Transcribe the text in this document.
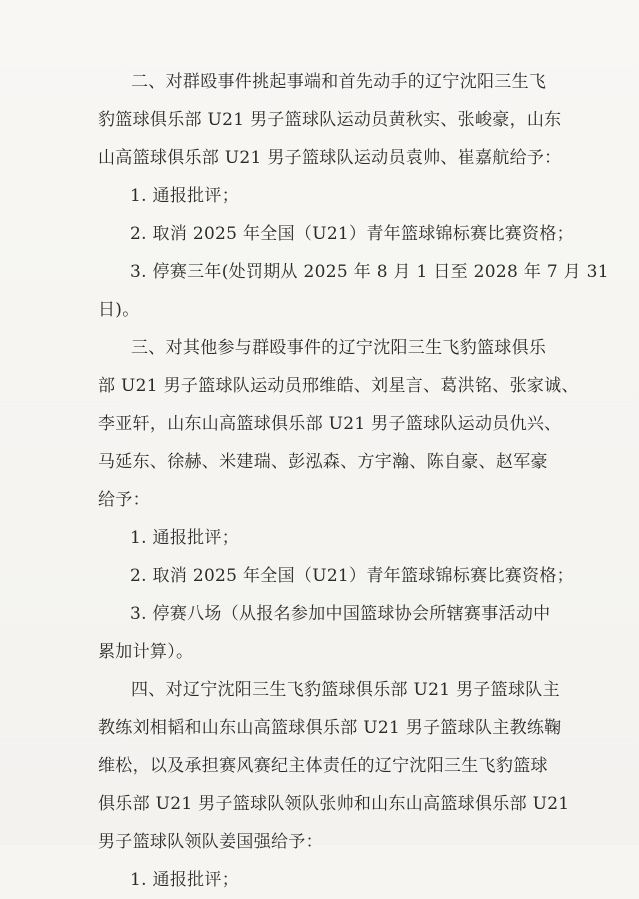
二、对群殴事件挑起事端和首先动手的辽宁沈阳三生飞
豹篮球俱乐部 U21 男子篮球队运动员黄秋实、张峻豪，山东
山高篮球俱乐部 U21 男子篮球队运动员袁帅、崔嘉航给予：
1. 通报批评；
2. 取消 2025 年全国（U21）青年篮球锦标赛比赛资格；
3. 停赛三年(处罚期从 2025 年 8 月 1 日至 2028 年 7 月 31
日)。
三、对其他参与群殴事件的辽宁沈阳三生飞豹篮球俱乐
部 U21 男子篮球队运动员邢维皓、刘星言、葛洪铭、张家诚、
李亚轩，山东山高篮球俱乐部 U21 男子篮球队运动员仇兴、
马延东、徐赫、米建瑞、彭泓森、方宇瀚、陈自豪、赵军豪
给予：
1. 通报批评；
2. 取消 2025 年全国（U21）青年篮球锦标赛比赛资格；
3. 停赛八场（从报名参加中国篮球协会所辖赛事活动中
累加计算）。
四、对辽宁沈阳三生飞豹篮球俱乐部 U21 男子篮球队主
教练刘相韬和山东山高篮球俱乐部 U21 男子篮球队主教练鞠
维松，以及承担赛风赛纪主体责任的辽宁沈阳三生飞豹篮球
俱乐部 U21 男子篮球队领队张帅和山东山高篮球俱乐部 U21
男子篮球队领队姜国强给予：
1. 通报批评；
